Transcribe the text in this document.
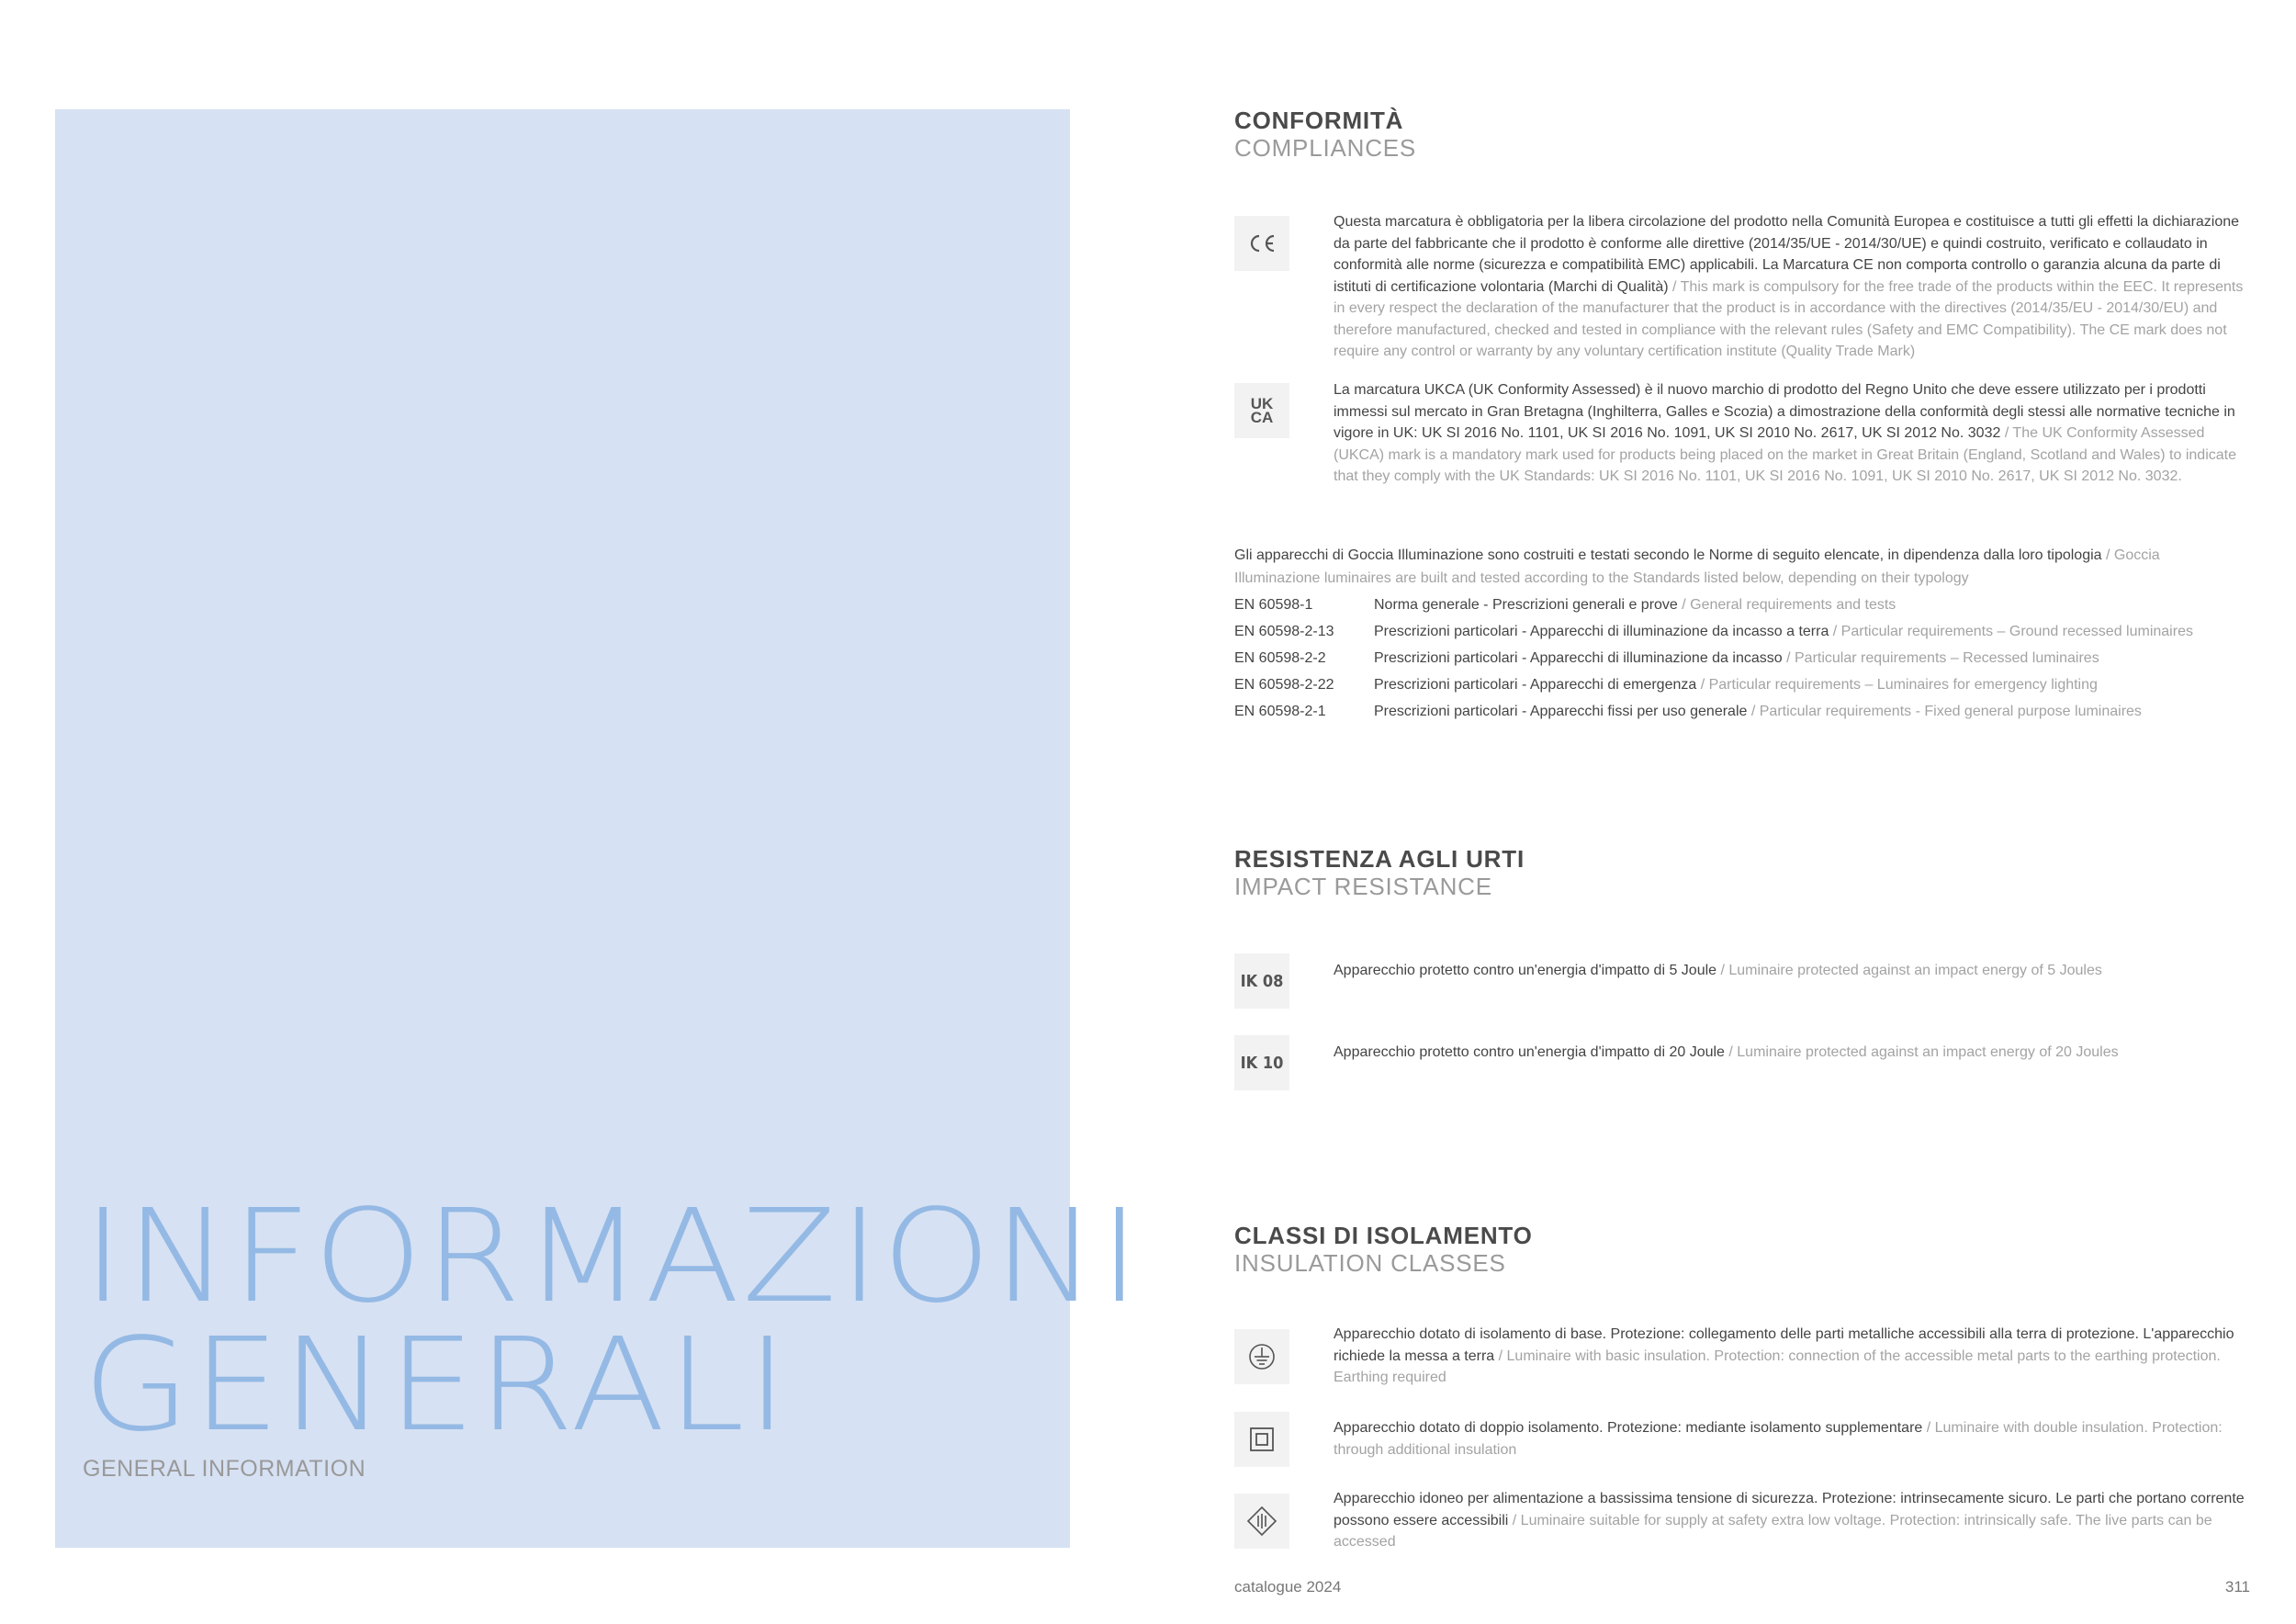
INFORMAZIONI
GENERALI
GENERAL INFORMATION
CONFORMITÀ
COMPLIANCES
Questa marcatura è obbligatoria per la libera circolazione del prodotto nella Comunità Europea e costituisce a tutti gli effetti la dichiarazione da parte del fabbricante che il prodotto è conforme alle direttive (2014/35/UE - 2014/30/UE) e quindi costruito, verificato e collaudato in conformità alle norme (sicurezza e compatibilità EMC) applicabili. La Marcatura CE non comporta controllo o garanzia alcuna da parte di istituti di certificazione volontaria (Marchi di Qualità) / This mark is compulsory for the free trade of the products within the EEC. It represents in every respect the declaration of the manufacturer that the product is in accordance with the directives (2014/35/EU - 2014/30/EU) and therefore manufactured, checked and tested in compliance with the relevant rules (Safety and EMC Compatibility). The CE mark does not require any control or warranty by any voluntary certification institute (Quality Trade Mark)
UK
CA
La marcatura UKCA (UK Conformity Assessed) è il nuovo marchio di prodotto del Regno Unito che deve essere utilizzato per i prodotti immessi sul mercato in Gran Bretagna (Inghilterra, Galles e Scozia) a dimostrazione della conformità degli stessi alle normative tecniche in vigore in UK: UK SI 2016 No. 1101, UK SI 2016 No. 1091, UK SI 2010 No. 2617, UK SI 2012 No. 3032 / The UK Conformity Assessed (UKCA) mark is a mandatory mark used for products being placed on the market in Great Britain (England, Scotland and Wales) to indicate that they comply with the UK Standards: UK SI 2016 No. 1101, UK SI 2016 No. 1091, UK SI 2010 No. 2617, UK SI 2012 No. 3032.
Gli apparecchi di Goccia Illuminazione sono costruiti e testati secondo le Norme di seguito elencate, in dipendenza dalla loro tipologia / Goccia Illuminazione luminaires are built and tested according to the Standards listed below, depending on their typology
EN 60598-1	Norma generale - Prescrizioni generali e prove / General requirements and tests
EN 60598-2-13	Prescrizioni particolari - Apparecchi di illuminazione da incasso a terra / Particular requirements – Ground recessed luminaires
EN 60598-2-2	Prescrizioni particolari - Apparecchi di illuminazione da incasso / Particular requirements – Recessed luminaires
EN 60598-2-22	Prescrizioni particolari - Apparecchi di emergenza / Particular requirements – Luminaires for emergency lighting
EN 60598-2-1	Prescrizioni particolari - Apparecchi fissi per uso generale / Particular requirements - Fixed general purpose luminaires
RESISTENZA AGLI URTI
IMPACT RESISTANCE
IK 08
Apparecchio protetto contro un'energia d'impatto di 5 Joule / Luminaire protected against an impact energy of 5 Joules
IK 10
Apparecchio protetto contro un'energia d'impatto di 20 Joule / Luminaire protected against an impact energy of 20 Joules
CLASSI DI ISOLAMENTO
INSULATION CLASSES
Apparecchio dotato di isolamento di base. Protezione: collegamento delle parti metalliche accessibili alla terra di protezione. L'apparecchio richiede la messa a terra / Luminaire with basic insulation. Protection: connection of the accessible metal parts to the earthing protection. Earthing required
Apparecchio dotato di doppio isolamento. Protezione: mediante isolamento supplementare / Luminaire with double insulation. Protection: through additional insulation
Apparecchio idoneo per alimentazione a bassissima tensione di sicurezza. Protezione: intrinsecamente sicuro. Le parti che portano corrente possono essere accessibili / Luminaire suitable for supply at safety extra low voltage. Protection: intrinsically safe. The live parts can be accessed
catalogue 2024	311
